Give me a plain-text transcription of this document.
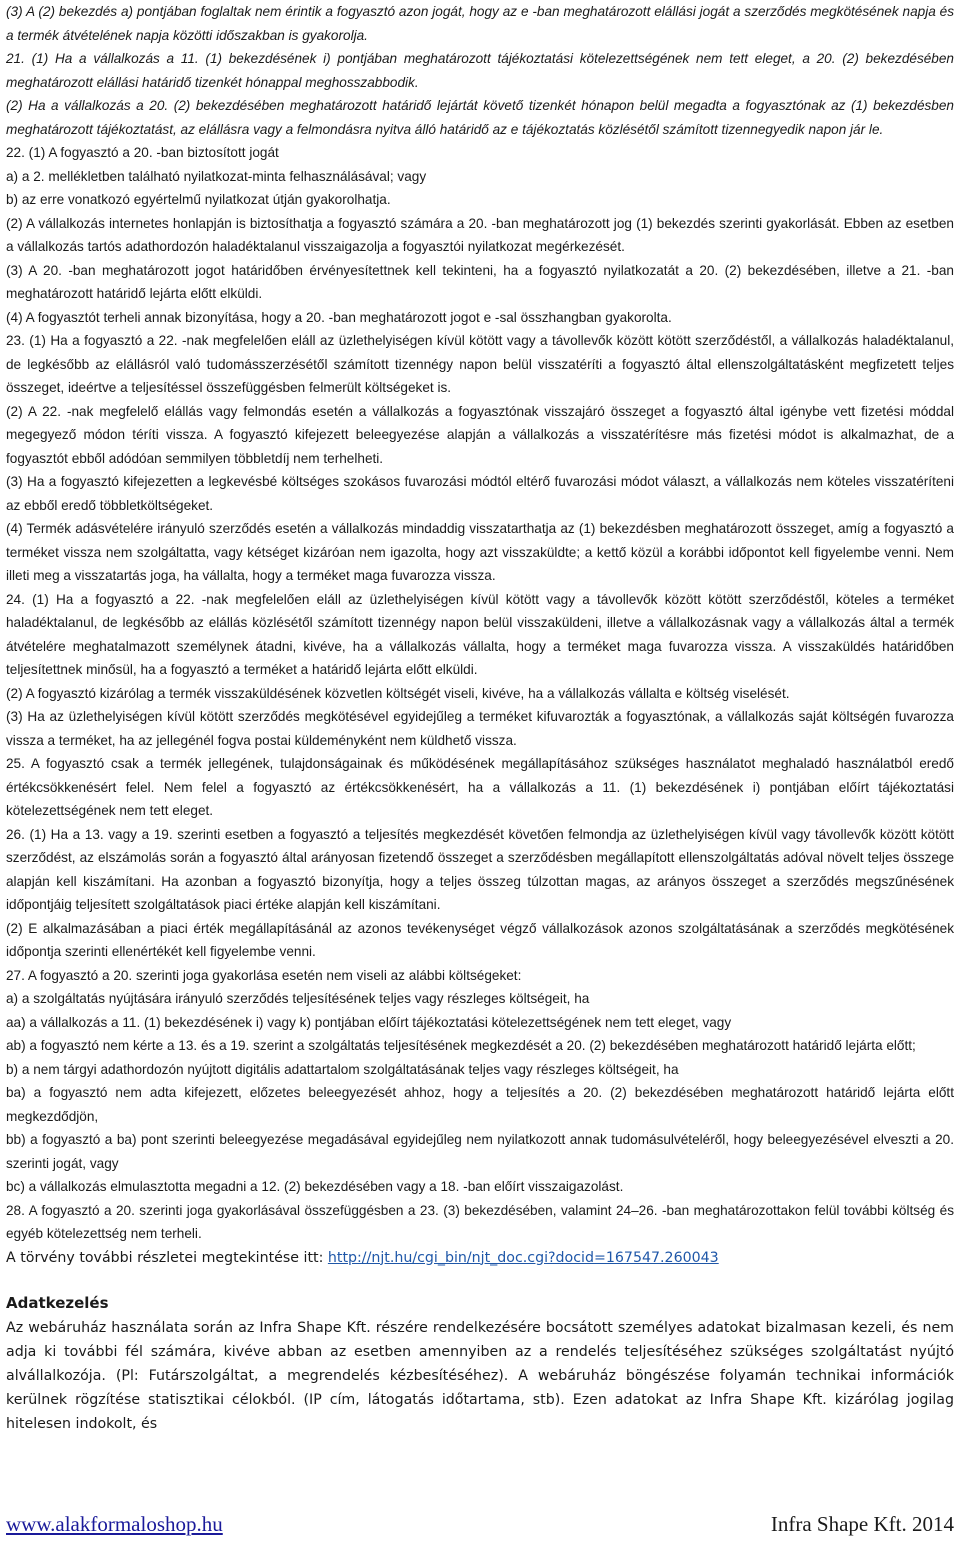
(3) A (2) bekezdés a) pontjában foglaltak nem érintik a fogyasztó azon jogát, hogy az e -ban meghatározott elállási jogát a szerződés megkötésének napja és a termék átvételének napja közötti időszakban is gyakorolja.

21. (1) Ha a vállalkozás a 11. (1) bekezdésének i) pontjában meghatározott tájékoztatási kötelezettségének nem tett eleget, a 20. (2) bekezdésében meghatározott elállási határidő tizenkét hónappal meghosszabbodik.

(2) Ha a vállalkozás a 20. (2) bekezdésében meghatározott határidő lejártát követő tizenkét hónapon belül megadta a fogyasztónak az (1) bekezdésben meghatározott tájékoztatást, az elállásra vagy a felmondásra nyitva álló határidő az e tájékoztatás közlésétől számított tizennegyedik napon jár le.

22. (1) A fogyasztó a 20. -ban biztosított jogát

a) a 2. mellékletben található nyilatkozat-minta felhasználásával; vagy

b) az erre vonatkozó egyértelmű nyilatkozat útján gyakorolhatja.

(2) A vállalkozás internetes honlapján is biztosíthatja a fogyasztó számára a 20. -ban meghatározott jog (1) bekezdés szerinti gyakorlását. Ebben az esetben a vállalkozás tartós adathordozón haladéktalanul visszaigazolja a fogyasztói nyilatkozat megérkezését.

(3) A 20. -ban meghatározott jogot határidőben érvényesítettnek kell tekinteni, ha a fogyasztó nyilatkozatát a 20. (2) bekezdésében, illetve a 21. -ban meghatározott határidő lejárta előtt elküldi.

(4) A fogyasztót terheli annak bizonyítása, hogy a 20. -ban meghatározott jogot e -sal összhangban gyakorolta.

23. (1) Ha a fogyasztó a 22. -nak megfelelően eláll az üzlethelyiségen kívül kötött vagy a távollevők között kötött szerződéstől, a vállalkozás haladéktalanul, de legkésőbb az elállásról való tudomásszerzésétől számított tizennégy napon belül visszatéríti a fogyasztó által ellenszolgáltatásként megfizetett teljes összeget, ideértve a teljesítéssel összefüggésben felmerült költségeket is.

(2) A 22. -nak megfelelő elállás vagy felmondás esetén a vállalkozás a fogyasztónak visszajáró összeget a fogyasztó által igénybe vett fizetési móddal megegyező módon téríti vissza. A fogyasztó kifejezett beleegyezése alapján a vállalkozás a visszatérítésre más fizetési módot is alkalmazhat, de a fogyasztót ebből adódóan semmilyen többletdíj nem terhelheti.

(3) Ha a fogyasztó kifejezetten a legkevésbé költséges szokásos fuvarozási módtól eltérő fuvarozási módot választ, a vállalkozás nem köteles visszatéríteni az ebből eredő többletköltségeket.

(4) Termék adásvételére irányuló szerződés esetén a vállalkozás mindaddig visszatarthatja az (1) bekezdésben meghatározott összeget, amíg a fogyasztó a terméket vissza nem szolgáltatta, vagy kétséget kizáróan nem igazolta, hogy azt visszaküldte; a kettő közül a korábbi időpontot kell figyelembe venni. Nem illeti meg a visszatartás joga, ha vállalta, hogy a terméket maga fuvarozza vissza.

24. (1) Ha a fogyasztó a 22. -nak megfelelően eláll az üzlethelyiségen kívül kötött vagy a távollevők között kötött szerződéstől, köteles a terméket haladéktalanul, de legkésőbb az elállás közlésétől számított tizennégy napon belül visszaküldeni, illetve a vállalkozásnak vagy a vállalkozás által a termék átvételére meghatalmazott személynek átadni, kivéve, ha a vállalkozás vállalta, hogy a terméket maga fuvarozza vissza. A visszaküldés határidőben teljesítettnek minősül, ha a fogyasztó a terméket a határidő lejárta előtt elküldi.

(2) A fogyasztó kizárólag a termék visszaküldésének közvetlen költségét viseli, kivéve, ha a vállalkozás vállalta e költség viselését.

(3) Ha az üzlethelyiségen kívül kötött szerződés megkötésével egyidejűleg a terméket kifuvarozták a fogyasztónak, a vállalkozás saját költségén fuvarozza vissza a terméket, ha az jellegénél fogva postai küldeményként nem küldhető vissza.

25. A fogyasztó csak a termék jellegének, tulajdonságainak és működésének megállapításához szükséges használatot meghaladó használatból eredő értékcsökkenésért felel. Nem felel a fogyasztó az értékcsökkenésért, ha a vállalkozás a 11. (1) bekezdésének i) pontjában előírt tájékoztatási kötelezettségének nem tett eleget.

26. (1) Ha a 13. vagy a 19. szerinti esetben a fogyasztó a teljesítés megkezdését követően felmondja az üzlethelyiségen kívül vagy távollevők között kötött szerződést, az elszámolás során a fogyasztó által arányosan fizetendő összeget a szerződésben megállapított ellenszolgáltatás adóval növelt teljes összege alapján kell kiszámítani. Ha azonban a fogyasztó bizonyítja, hogy a teljes összeg túlzottan magas, az arányos összeget a szerződés megszűnésének időpontjáig teljesített szolgáltatások piaci értéke alapján kell kiszámítani.

(2) E alkalmazásában a piaci érték megállapításánál az azonos tevékenységet végző vállalkozások azonos szolgáltatásának a szerződés megkötésének időpontja szerinti ellenértékét kell figyelembe venni.

27. A fogyasztó a 20. szerinti joga gyakorlása esetén nem viseli az alábbi költségeket:

a) a szolgáltatás nyújtására irányuló szerződés teljesítésének teljes vagy részleges költségeit, ha

aa) a vállalkozás a 11. (1) bekezdésének i) vagy k) pontjában előírt tájékoztatási kötelezettségének nem tett eleget, vagy

ab) a fogyasztó nem kérte a 13. és a 19. szerint a szolgáltatás teljesítésének megkezdését a 20. (2) bekezdésében meghatározott határidő lejárta előtt;

b) a nem tárgyi adathordozón nyújtott digitális adattartalom szolgáltatásának teljes vagy részleges költségeit, ha

ba) a fogyasztó nem adta kifejezett, előzetes beleegyezését ahhoz, hogy a teljesítés a 20. (2) bekezdésében meghatározott határidő lejárta előtt megkezdődjön,

bb) a fogyasztó a ba) pont szerinti beleegyezése megadásával egyidejűleg nem nyilatkozott annak tudomásulvételéről, hogy beleegyezésével elveszti a 20. szerinti jogát, vagy

bc) a vállalkozás elmulasztotta megadni a 12. (2) bekezdésében vagy a 18. -ban előírt visszaigazolást.

28. A fogyasztó a 20. szerinti joga gyakorlásával összefüggésben a 23. (3) bekezdésében, valamint 24–26. -ban meghatározottakon felül további költség és egyéb kötelezettség nem terheli.

A törvény további részletei megtekintése itt: http://njt.hu/cgi_bin/njt_doc.cgi?docid=167547.260043
Adatkezelés

Az webáruház használata során az Infra Shape Kft. részére rendelkezésére bocsátott személyes adatokat bizalmasan kezeli, és nem adja ki további fél számára, kivéve abban az esetben amennyiben az a rendelés teljesítéséhez szükséges szolgáltatást nyújtó alvállalkozója. (Pl: Futárszolgáltat, a megrendelés kézbesítéséhez). A webáruház böngészése folyamán technikai információk kerülnek rögzítése statisztikai célokból. (IP cím, látogatás időtartama, stb). Ezen adatokat az Infra Shape Kft. kizárólag jogilag hitelesen indokolt, és

www.alakformaloshop.hu	Infra Shape Kft. 2014
